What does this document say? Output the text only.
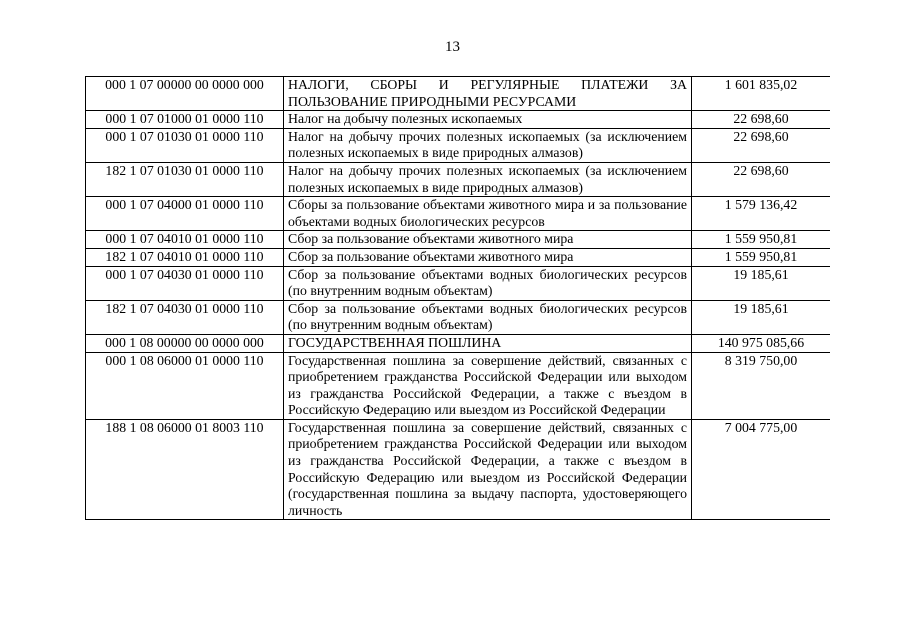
13
000 1 07 00000 00 0000 000	НАЛОГИ, СБОРЫ И РЕГУЛЯРНЫЕ ПЛАТЕЖИ ЗА ПОЛЬЗОВАНИЕ ПРИРОДНЫМИ РЕСУРСАМИ	1 601 835,02
000 1 07 01000 01 0000 110	Налог на добычу полезных ископаемых	22 698,60
000 1 07 01030 01 0000 110	Налог на добычу прочих полезных ископаемых (за исключением полезных ископаемых в виде природных алмазов)	22 698,60
182 1 07 01030 01 0000 110	Налог на добычу прочих полезных ископаемых (за исключением полезных ископаемых в виде природных алмазов)	22 698,60
000 1 07 04000 01 0000 110	Сборы за пользование объектами животного мира и за пользование объектами водных биологических ресурсов	1 579 136,42
000 1 07 04010 01 0000 110	Сбор за пользование объектами животного мира	1 559 950,81
182 1 07 04010 01 0000 110	Сбор за пользование объектами животного мира	1 559 950,81
000 1 07 04030 01 0000 110	Сбор за пользование объектами водных биологических ресурсов (по внутренним водным объектам)	19 185,61
182 1 07 04030 01 0000 110	Сбор за пользование объектами водных биологических ресурсов (по внутренним водным объектам)	19 185,61
000 1 08 00000 00 0000 000	ГОСУДАРСТВЕННАЯ ПОШЛИНА	140 975 085,66
000 1 08 06000 01 0000 110	Государственная пошлина за совершение действий, связанных с приобретением гражданства Российской Федерации или выходом из гражданства Российской Федерации, а также с въездом в Российскую Федерацию или выездом из Российской Федерации	8 319 750,00
188 1 08 06000 01 8003 110	Государственная пошлина за совершение действий, связанных с приобретением гражданства Российской Федерации или выходом из гражданства Российской Федерации, а также с въездом в Российскую Федерацию или выездом из Российской Федерации (государственная пошлина за выдачу паспорта, удостоверяющего личность	7 004 775,00
